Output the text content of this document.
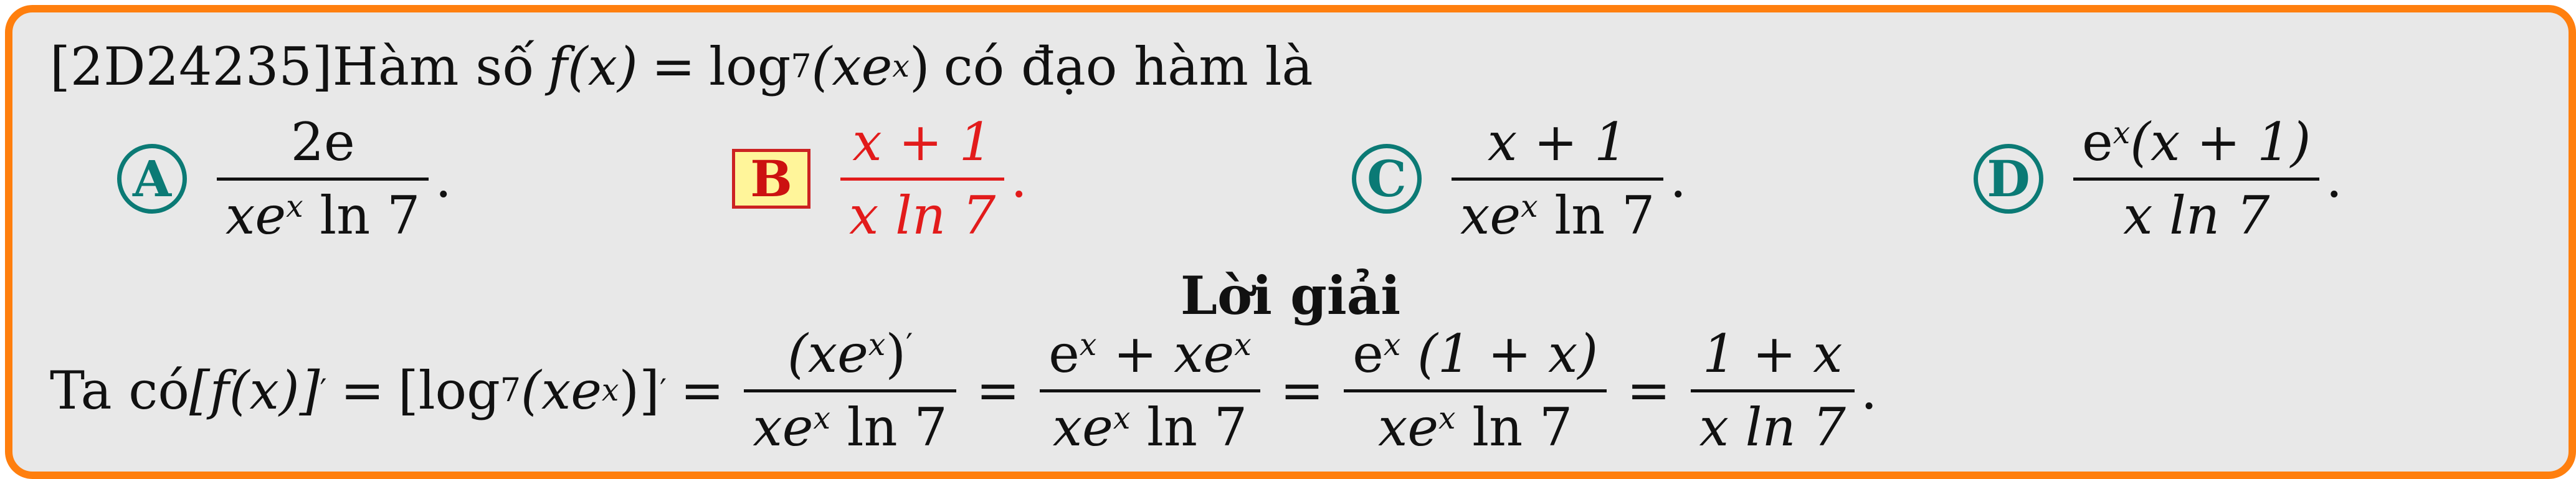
[2D24235] Hàm số f(x) = log 7 (xe x ) có đạo hàm là
A
2e
$xe^x$ ln 7
.	B
x + 1
x ln 7
.	C
x + 1
$xe^x$ ln 7
.	D
$e^x(x + 1)$
x ln 7
.
Lời giải
Ta có [f(x)] ′ = [log 7 (xe x )] ′ =
$(xe^x)'$
$xe^x$ ln 7
=
$e^x + xe^x$
$xe^x$ ln 7
=
$e^x$ (1 + x)
$xe^x$ ln 7
=
1 + x
x ln 7
.
